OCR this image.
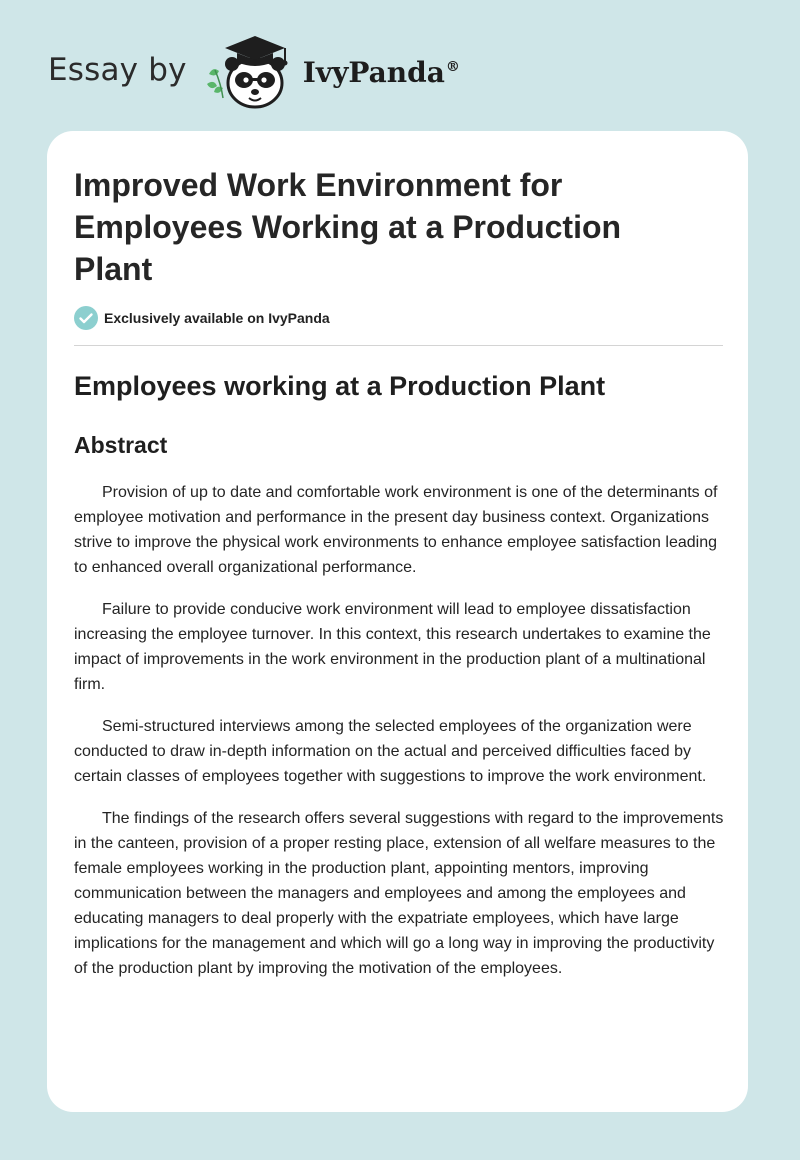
Essay by	IvyPanda®
Improved Work Environment for Employees Working at a Production Plant
Exclusively available on IvyPanda
Employees working at a Production Plant
Abstract

Provision of up to date and comfortable work environment is one of the determinants of employee motivation and performance in the present day business context. Organizations strive to improve the physical work environments to enhance employee satisfaction leading to enhanced overall organizational performance.

Failure to provide conducive work environment will lead to employee dissatisfaction increasing the employee turnover. In this context, this research undertakes to examine the impact of improvements in the work environment in the production plant of a multinational firm.

Semi-structured interviews among the selected employees of the organization were conducted to draw in-depth information on the actual and perceived difficulties faced by certain classes of employees together with suggestions to improve the work environment.

The findings of the research offers several suggestions with regard to the improvements in the canteen, provision of a proper resting place, extension of all welfare measures to the female employees working in the production plant, appointing mentors, improving communication between the managers and employees and among the employees and educating managers to deal properly with the expatriate employees, which have large implications for the management and which will go a long way in improving the productivity of the production plant by improving the motivation of the employees.
